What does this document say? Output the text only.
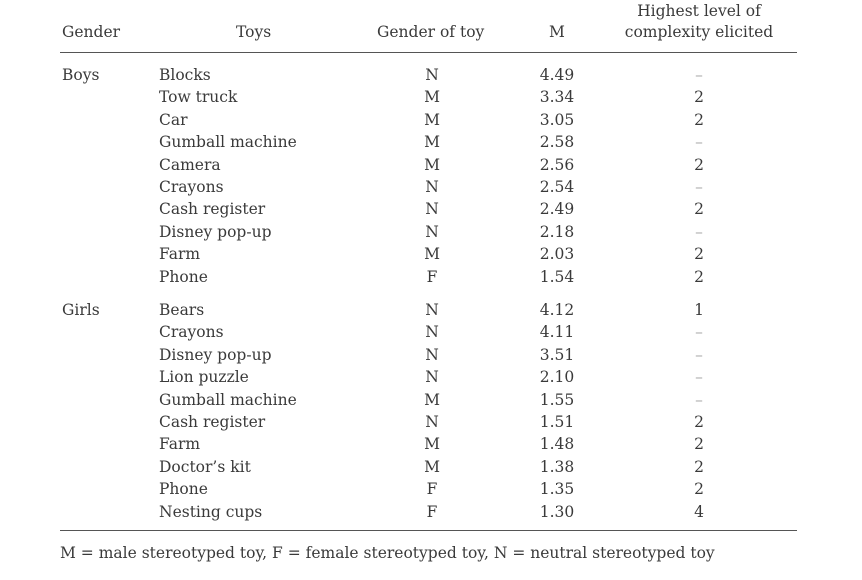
Gender	Toys	Gender of toy	M
Highest level of
complexity elicited
Boys	Blocks	N	4.49	–
Tow truck	M	3.34	2
Car	M	3.05	2
Gumball machine	M	2.58	–
Camera	M	2.56	2
Crayons	N	2.54	–
Cash register	N	2.49	2
Disney pop-up	N	2.18	–
Farm	M	2.03	2
Phone	F	1.54	2
Girls	Bears	N	4.12	1
Crayons	N	4.11	–
Disney pop-up	N	3.51	–
Lion puzzle	N	2.10	–
Gumball machine	M	1.55	–
Cash register	N	1.51	2
Farm	M	1.48	2
Doctor’s kit	M	1.38	2
Phone	F	1.35	2
Nesting cups	F	1.30	4
M = male stereotyped toy, F = female stereotyped toy, N = neutral stereotyped toy
